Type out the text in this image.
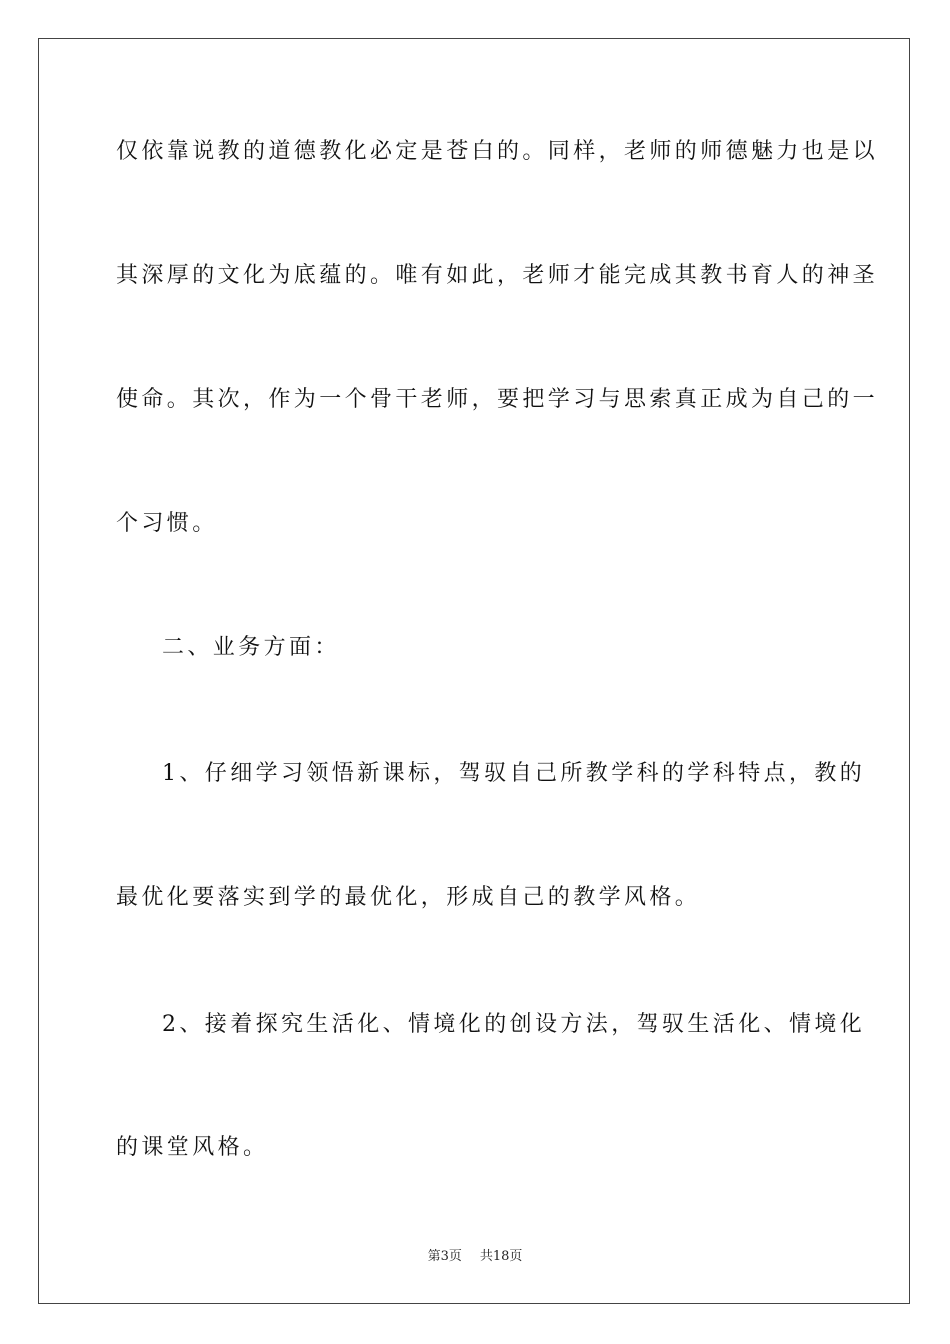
仅依靠说教的道德教化必定是苍白的。同样，老师的师德魅力也是以
其深厚的文化为底蕴的。唯有如此，老师才能完成其教书育人的神圣
使命。其次，作为一个骨干老师，要把学习与思索真正成为自己的一
个习惯。
二、业务方面：
1、仔细学习领悟新课标，驾驭自己所教学科的学科特点，教的
最优化要落实到学的最优化，形成自己的教学风格。
2、接着探究生活化、情境化的创设方法，驾驭生活化、情境化
的课堂风格。
第3页 共18页
